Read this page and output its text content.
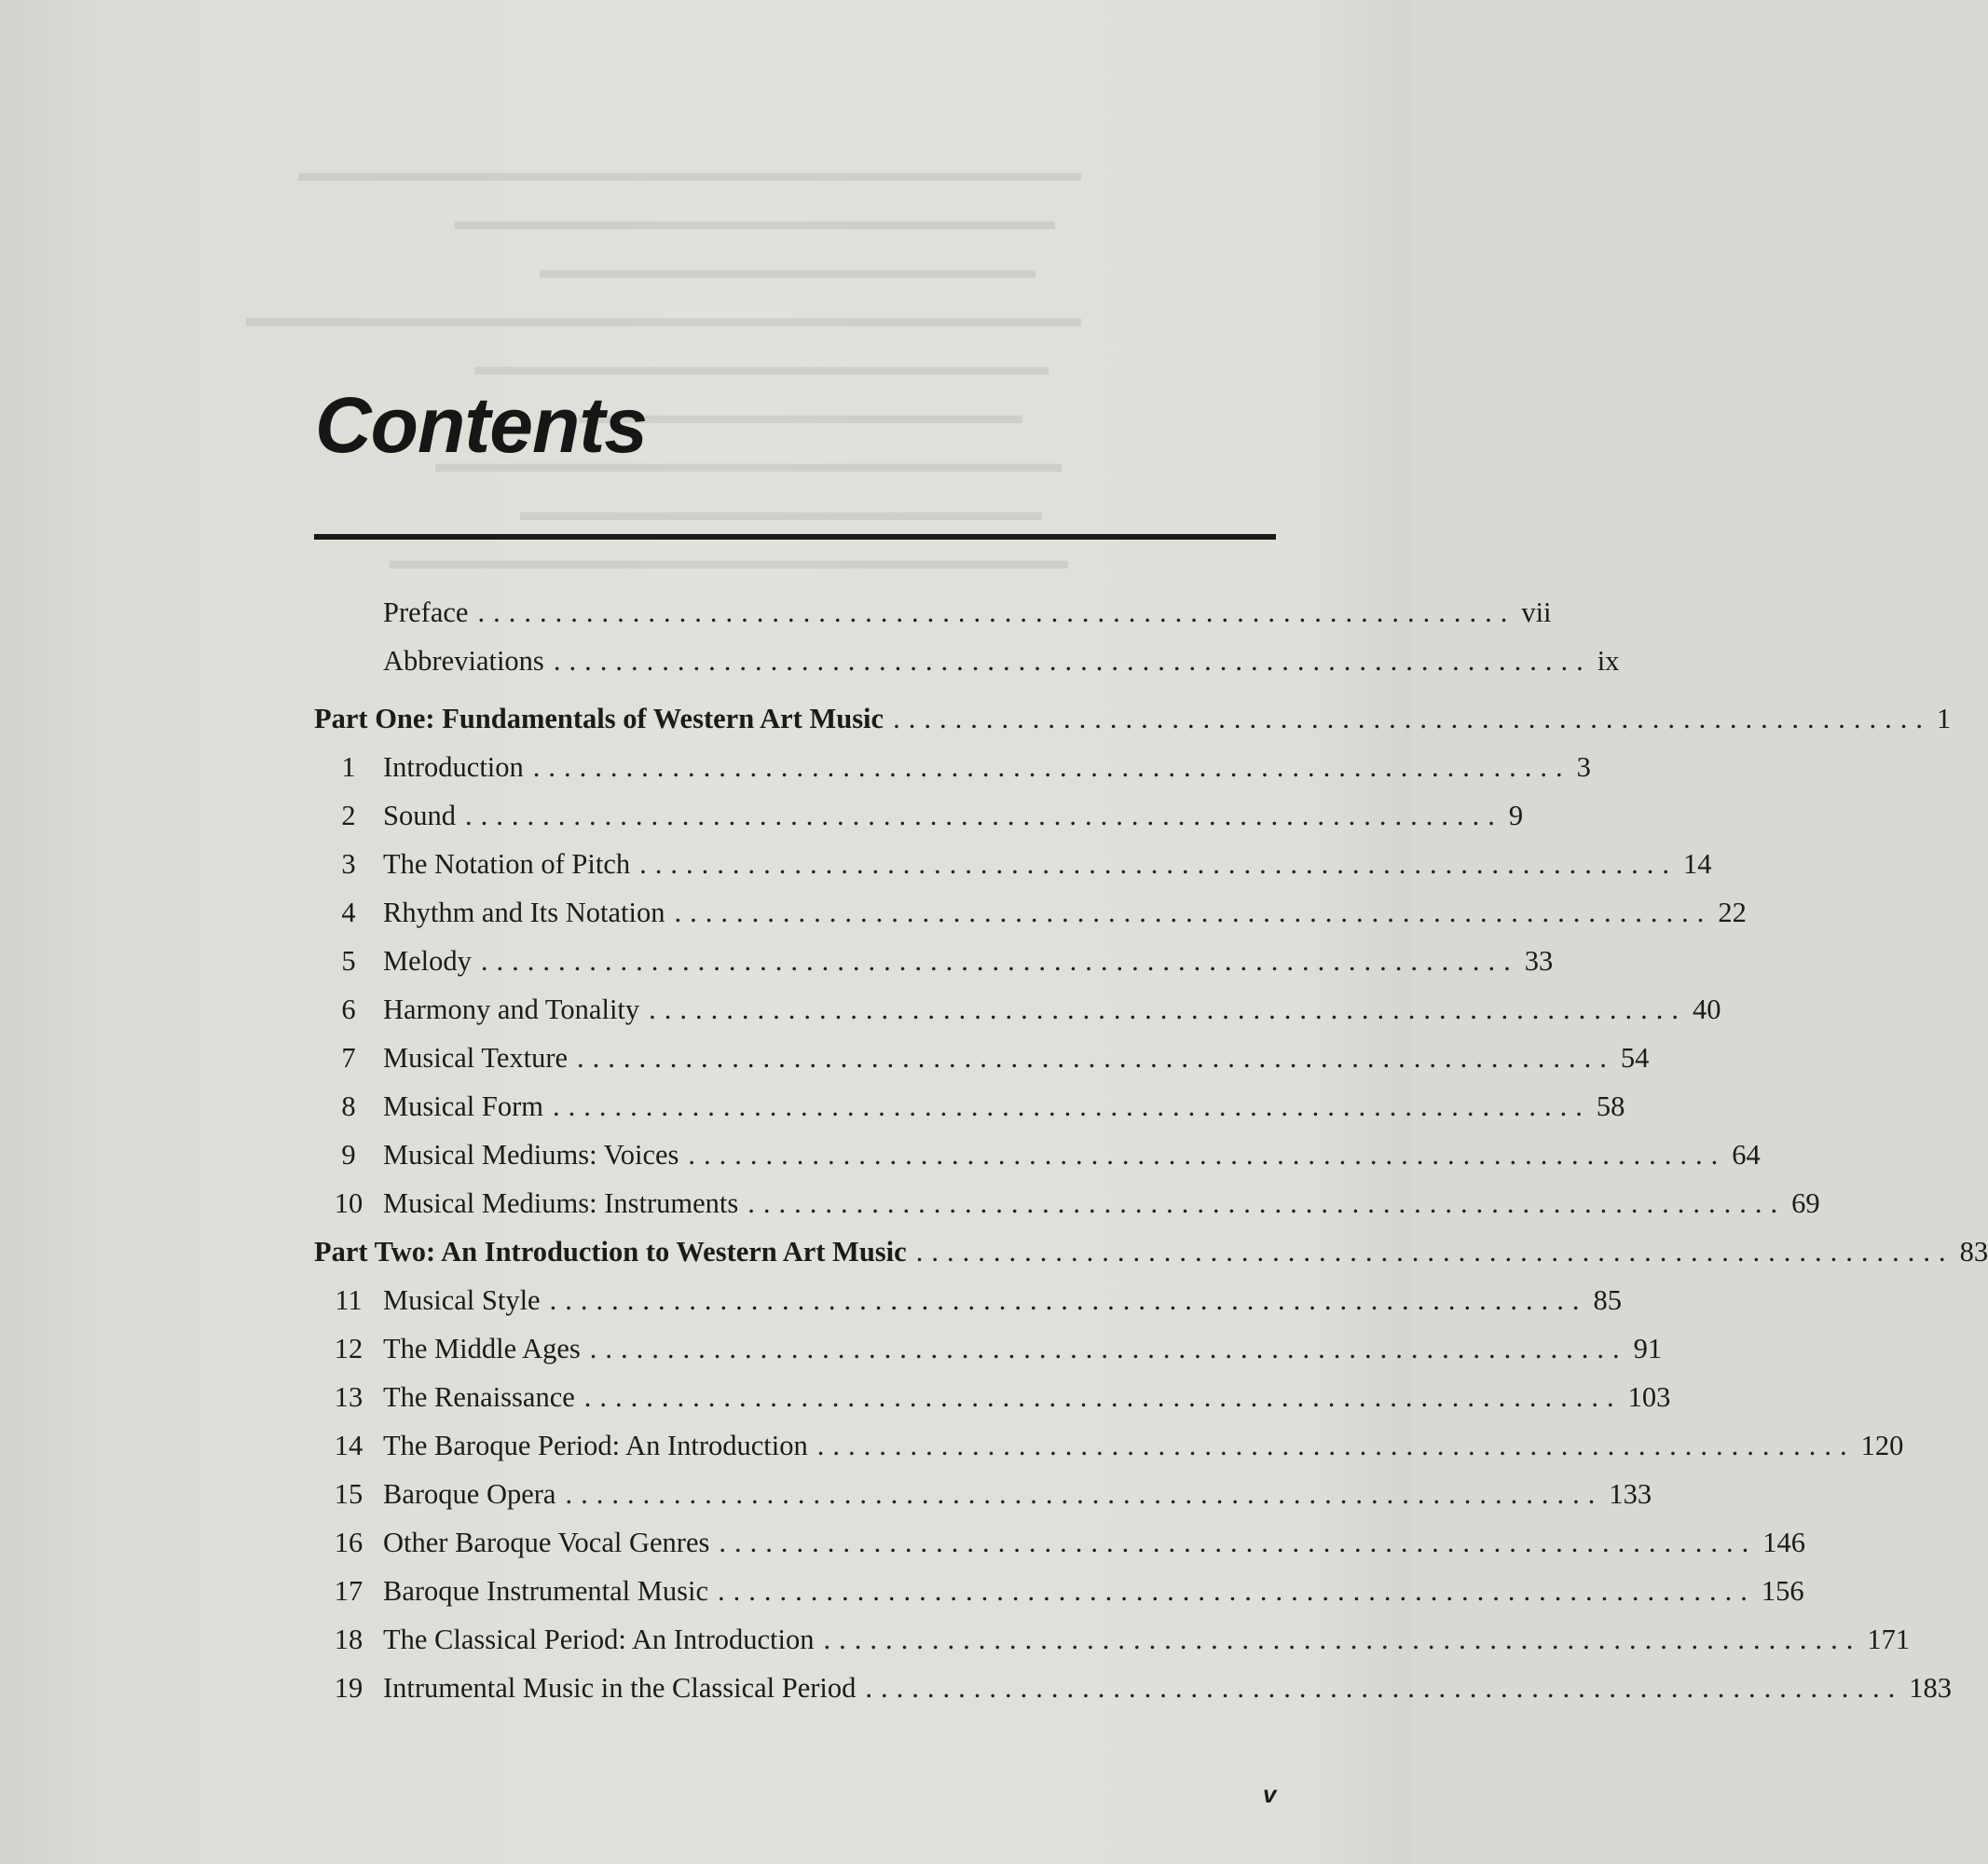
▬▬▬▬▬▬▬▬▬▬▬▬▬▬▬▬▬▬▬▬▬▬▬▬▬▬▬▬▬▬
▬▬▬▬▬▬▬▬▬▬▬▬▬▬▬▬▬▬▬▬▬▬▬
▬▬▬▬▬▬▬▬▬▬▬▬▬▬▬▬▬▬▬
▬▬▬▬▬▬▬▬▬▬▬▬▬▬▬▬▬▬▬▬▬▬▬▬▬▬▬▬▬▬▬▬
▬▬▬▬▬▬▬▬▬▬▬▬▬▬▬▬▬▬▬▬▬▬
▬▬▬▬▬▬▬▬▬▬▬▬▬▬▬▬▬
▬▬▬▬▬▬▬▬▬▬▬▬▬▬▬▬▬▬▬▬▬▬▬▬
▬▬▬▬▬▬▬▬▬▬▬▬▬▬▬▬▬▬▬▬
▬▬▬▬▬▬▬▬▬▬▬▬▬▬▬▬▬▬▬▬▬▬▬▬▬▬
Contents
Preface ................................................................... vii
Abbreviations ................................................................... ix
Part One: Fundamentals of Western Art Music ................................................................... 1
1 Introduction ................................................................... 3
2 Sound ................................................................... 9
3 The Notation of Pitch ................................................................... 14
4 Rhythm and Its Notation ................................................................... 22
5 Melody ................................................................... 33
6 Harmony and Tonality ................................................................... 40
7 Musical Texture ................................................................... 54
8 Musical Form ................................................................... 58
9 Musical Mediums: Voices ................................................................... 64
10 Musical Mediums: Instruments ................................................................... 69
Part Two: An Introduction to Western Art Music ................................................................... 83
11 Musical Style ................................................................... 85
12 The Middle Ages ................................................................... 91
13 The Renaissance ................................................................... 103
14 The Baroque Period: An Introduction ................................................................... 120
15 Baroque Opera ................................................................... 133
16 Other Baroque Vocal Genres ................................................................... 146
17 Baroque Instrumental Music ................................................................... 156
18 The Classical Period: An Introduction ................................................................... 171
19 Intrumental Music in the Classical Period ................................................................... 183
v
